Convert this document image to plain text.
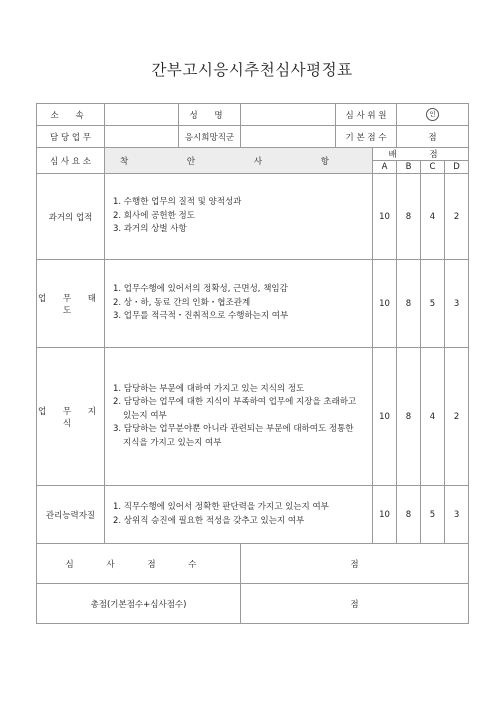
간부고시응시추천심사평정표
소 속		성 명		심 사 위 원		인		
담 당 업 무		응시희망직군		기 본 점 수		점		
심 사 요 소	착 안 사 항				배 점			
					A	B	C	D
과거의 업적	1. 수행한 업무의 질적 및 양적성과
2. 회사에 공헌한 정도
3. 과거의 상벌 사항				10	8	4	2
업 무 태 도	1. 업무수행에 있어서의 정확성, 근면성, 책임감
2. 상・하, 동료 간의 인화・협조관계
3. 업무를 적극적・진취적으로 수행하는지 여부				10	8	5	3
업 무 지 식	1. 담당하는 부문에 대하여 가지고 있는 지식의 정도
2. 담당하는 업무에 대한 지식이 부족하여 업무에 지장을 초래하고 있는지 여부
3. 담당하는 업무분야뿐 아니라 관련되는 부문에 대하여도 정통한 지식을 가지고 있는지 여부				10	8	4	2
관리능력자질	1. 직무수행에 있어서 정확한 판단력을 가지고 있는지 여부
2. 상위직 승진에 필요한 적성을 갖추고 있는지 여부				10	8	5	3
심 사 점 수			점					
총점(기본점수+심사점수)			점					
